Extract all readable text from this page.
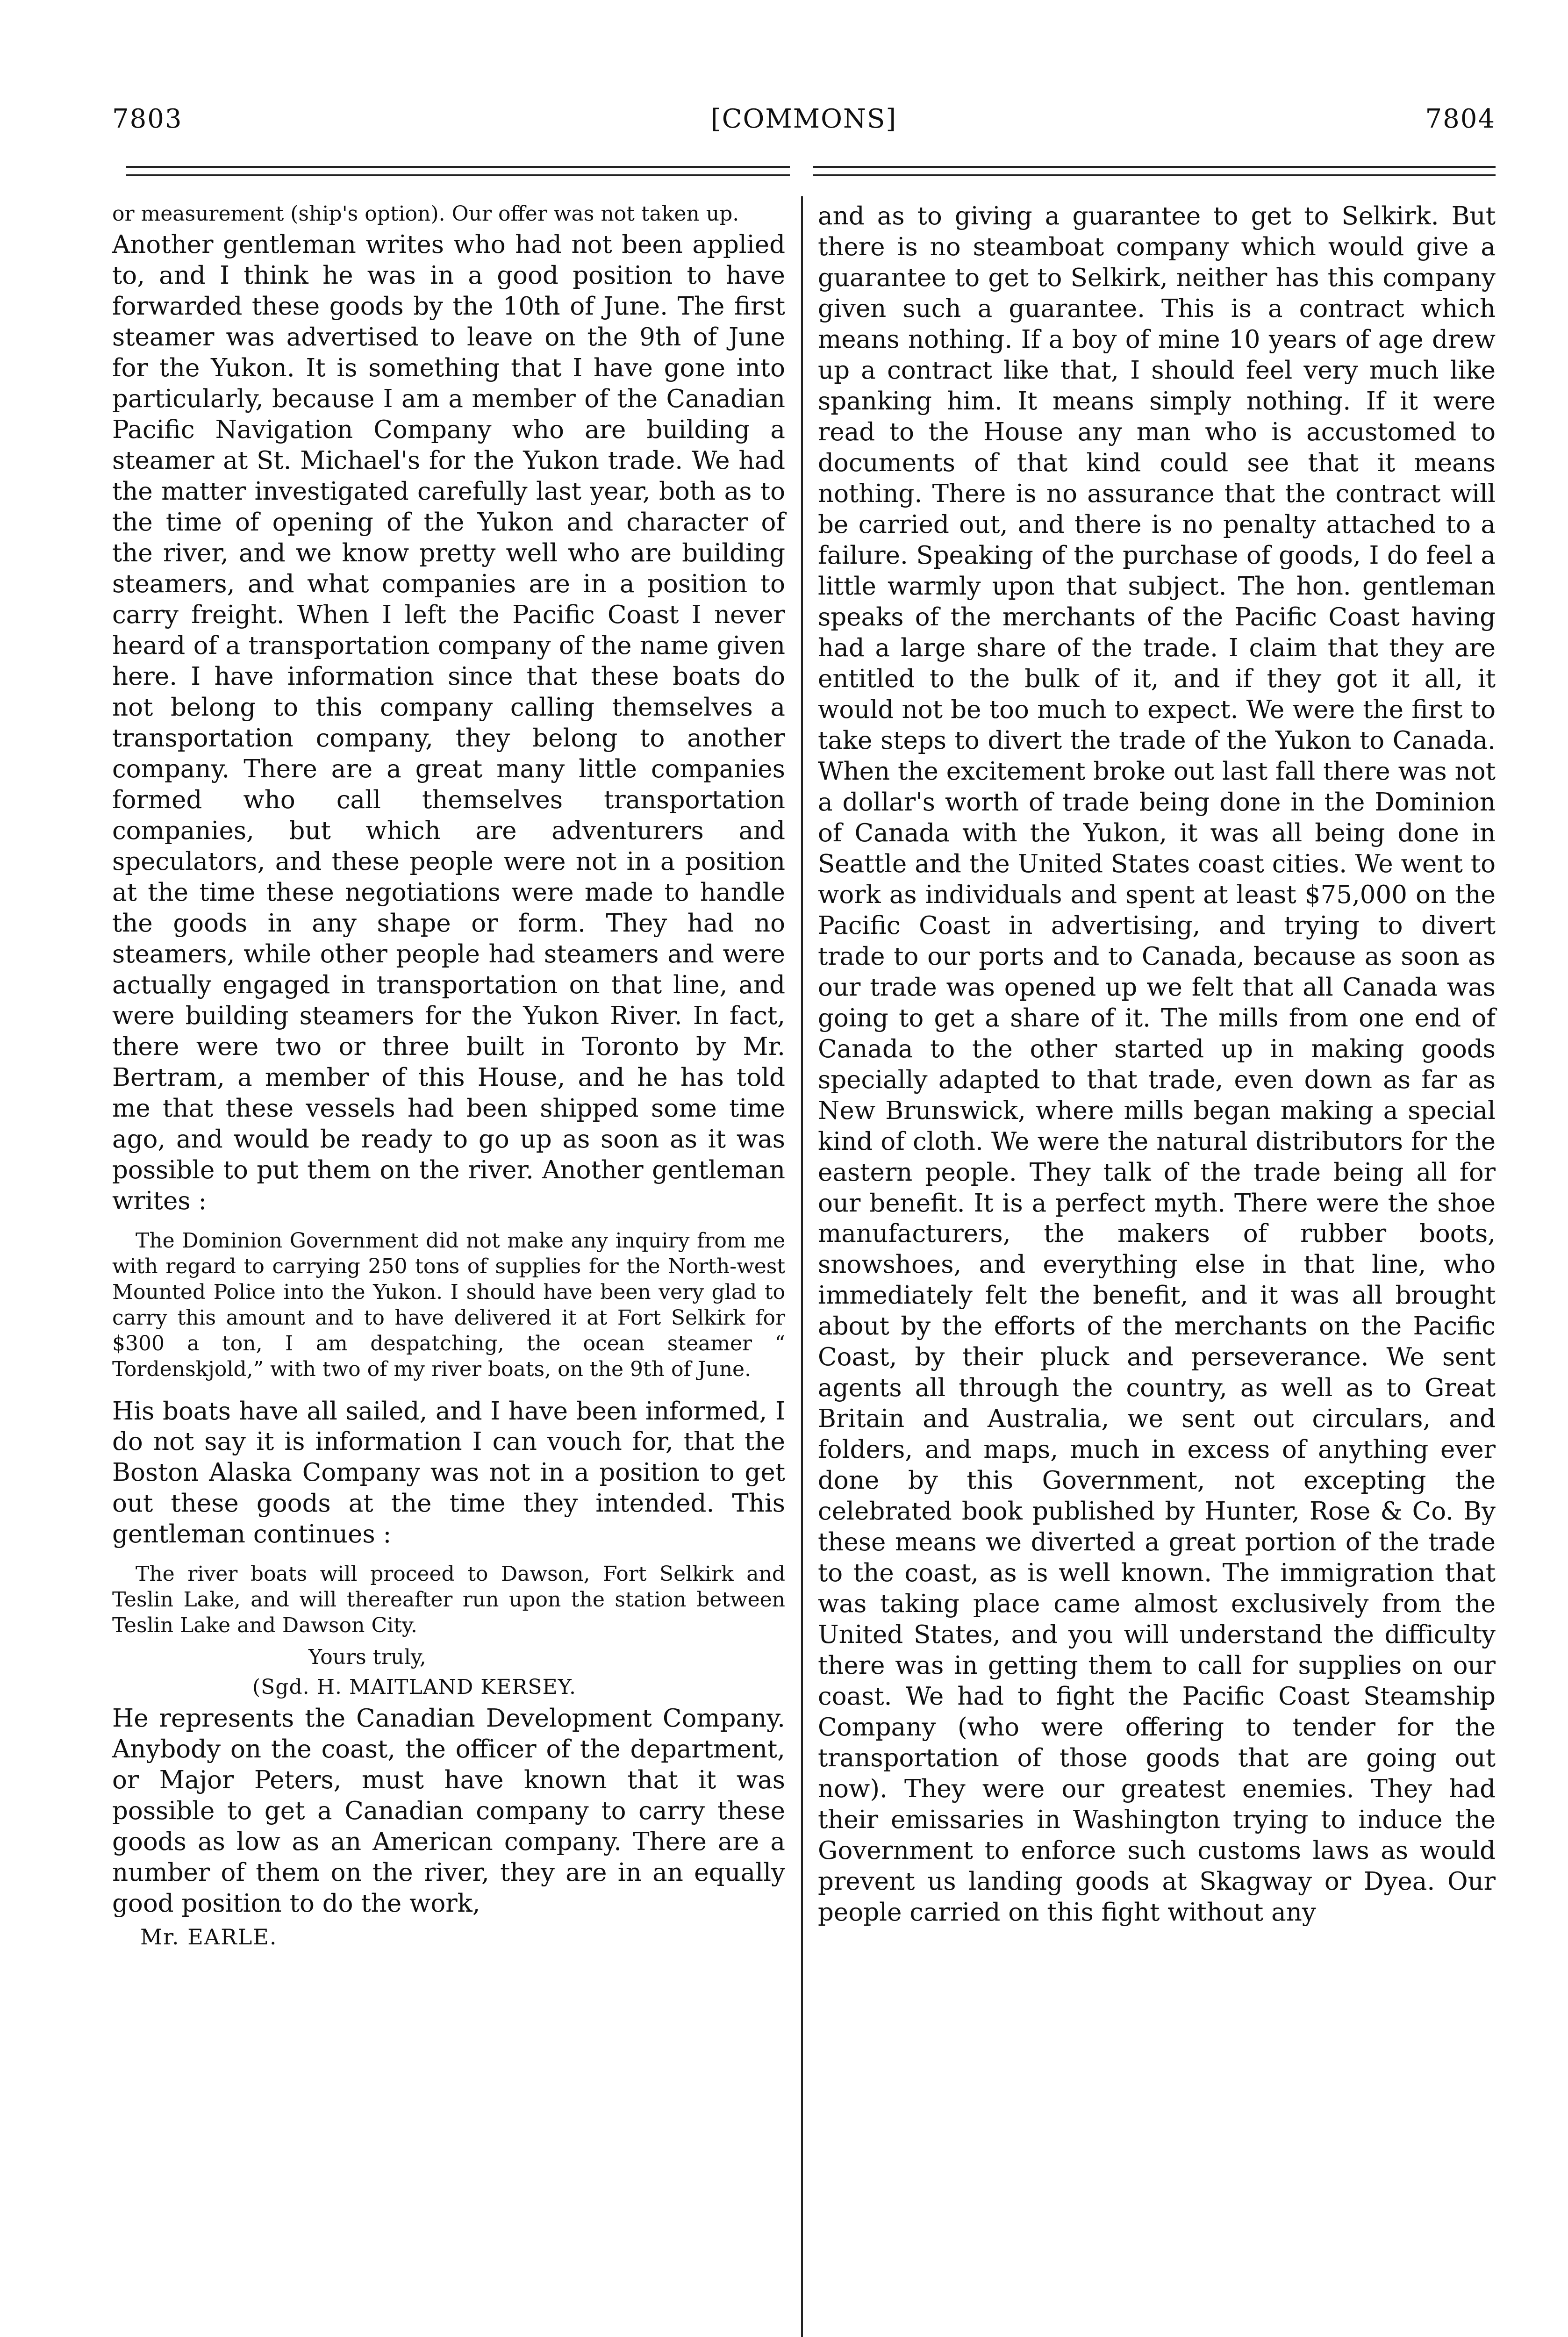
7803	[COMMONS]	7804

or measurement (ship's option). Our offer was not taken up.

Another gentleman writes who had not been applied to, and I think he was in a good position to have forwarded these goods by the 10th of June. The first steamer was advertised to leave on the 9th of June for the Yukon. It is something that I have gone into particularly, because I am a member of the Canadian Pacific Navigation Company who are building a steamer at St. Michael's for the Yukon trade. We had the matter investigated carefully last year, both as to the time of opening of the Yukon and character of the river, and we know pretty well who are building steamers, and what companies are in a position to carry freight. When I left the Pacific Coast I never heard of a transportation company of the name given here. I have information since that these boats do not belong to this company calling themselves a transportation company, they belong to another company. There are a great many little companies formed who call themselves transportation companies, but which are adventurers and speculators, and these people were not in a position at the time these negotiations were made to handle the goods in any shape or form. They had no steamers, while other people had steamers and were actually engaged in transportation on that line, and were building steamers for the Yukon River. In fact, there were two or three built in Toronto by Mr. Bertram, a member of this House, and he has told me that these vessels had been shipped some time ago, and would be ready to go up as soon as it was possible to put them on the river. Another gentleman writes :

The Dominion Government did not make any inquiry from me with regard to carrying 250 tons of supplies for the North-west Mounted Police into the Yukon. I should have been very glad to carry this amount and to have delivered it at Fort Selkirk for $300 a ton, I am despatching, the ocean steamer “ Tordenskjold,” with two of my river boats, on the 9th of June.

His boats have all sailed, and I have been informed, I do not say it is information I can vouch for, that the Boston Alaska Company was not in a position to get out these goods at the time they intended. This gentleman continues :

The river boats will proceed to Dawson, Fort Selkirk and Teslin Lake, and will thereafter run upon the station between Teslin Lake and Dawson City.

Yours truly,

(Sgd. H. MAITLAND KERSEY.

He represents the Canadian Development Company. Anybody on the coast, the officer of the department, or Major Peters, must have known that it was possible to get a Canadian company to carry these goods as low as an American company. There are a number of them on the river, they are in an equally good position to do the work,

Mr. EARLE.

and as to giving a guarantee to get to Selkirk. But there is no steamboat company which would give a guarantee to get to Selkirk, neither has this company given such a guarantee. This is a contract which means nothing. If a boy of mine 10 years of age drew up a contract like that, I should feel very much like spanking him. It means simply nothing. If it were read to the House any man who is accustomed to documents of that kind could see that it means nothing. There is no assurance that the contract will be carried out, and there is no penalty attached to a failure. Speaking of the purchase of goods, I do feel a little warmly upon that subject. The hon. gentleman speaks of the merchants of the Pacific Coast having had a large share of the trade. I claim that they are entitled to the bulk of it, and if they got it all, it would not be too much to expect. We were the first to take steps to divert the trade of the Yukon to Canada. When the excitement broke out last fall there was not a dollar's worth of trade being done in the Dominion of Canada with the Yukon, it was all being done in Seattle and the United States coast cities. We went to work as individuals and spent at least $75,000 on the Pacific Coast in advertising, and trying to divert trade to our ports and to Canada, because as soon as our trade was opened up we felt that all Canada was going to get a share of it. The mills from one end of Canada to the other started up in making goods specially adapted to that trade, even down as far as New Brunswick, where mills began making a special kind of cloth. We were the natural distributors for the eastern people. They talk of the trade being all for our benefit. It is a perfect myth. There were the shoe manufacturers, the makers of rubber boots, snowshoes, and everything else in that line, who immediately felt the benefit, and it was all brought about by the efforts of the merchants on the Pacific Coast, by their pluck and perseverance. We sent agents all through the country, as well as to Great Britain and Australia, we sent out circulars, and folders, and maps, much in excess of anything ever done by this Government, not excepting the celebrated book published by Hunter, Rose & Co. By these means we diverted a great portion of the trade to the coast, as is well known. The immigration that was taking place came almost exclusively from the United States, and you will understand the difficulty there was in getting them to call for supplies on our coast. We had to fight the Pacific Coast Steamship Company (who were offering to tender for the transportation of those goods that are going out now). They were our greatest enemies. They had their emissaries in Washington trying to induce the Government to enforce such customs laws as would prevent us landing goods at Skagway or Dyea. Our people carried on this fight without any
